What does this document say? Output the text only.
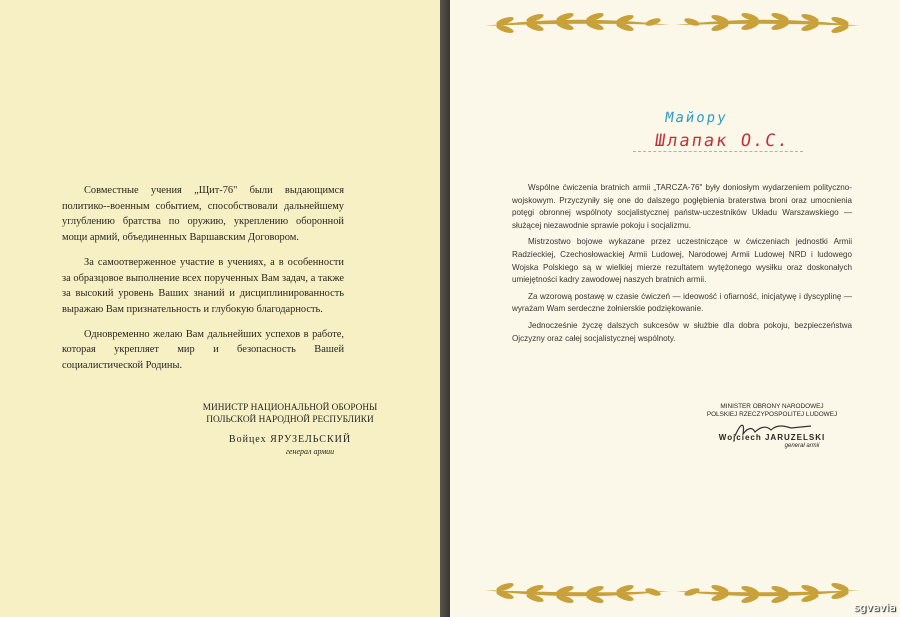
Совместные учения „Щит-76" были выдающимся политико--военным событием, способствовали дальнейшему углублению братства по оружию, укреплению оборонной мощи армий, объединенных Варшавским Договором.

За самоотверженное участие в учениях, а в особенности за образцовое выполнение всех порученных Вам задач, а также за высокий уровень Ваших знаний и дисциплинированность выражаю Вам признательность и глубокую благодарность.

Одновременно желаю Вам дальнейших успехов в работе, которая укрепляет мир и безопасность Вашей социалистической Родины.

МИНИСТР НАЦИОНАЛЬНОЙ ОБОРОНЫ
ПОЛЬСКОЙ НАРОДНОЙ РЕСПУБЛИКИ
Войцех ЯРУЗЕЛЬСКИЙ
генерал армии
Майору
Шлапак О.С.

Wspólne ćwiczenia bratnich armii „TARCZA-76" były doniosłym wydarzeniem polityczno-wojskowym. Przyczyniły się one do dalszego pogłębienia braterstwa broni oraz umocnienia potęgi obronnej wspólnoty socjalistycznej państw-uczestników Układu Warszawskiego — służącej niezawodnie sprawie pokoju i socjalizmu.

Mistrzostwo bojowe wykazane przez uczestniczące w ćwiczeniach jednostki Armii Radzieckiej, Czechosłowackiej Armii Ludowej, Narodowej Armii Ludowej NRD i ludowego Wojska Polskiego są w wielkiej mierze rezultatem wytężonego wysiłku oraz doskonałych umiejętności kadry zawodowej naszych bratnich armii.

Za wzorową postawę w czasie ćwiczeń — ideowość i ofiarność, inicjatywę i dyscyplinę — wyrażam Wam serdeczne żołnierskie podziękowanie.

Jednocześnie życzę dalszych sukcesów w służbie dla dobra pokoju, bezpieczeństwa Ojczyzny oraz całej socjalistycznej wspólnoty.

MINISTER OBRONY NARODOWEJ
POLSKIEJ RZECZYPOSPOLITEJ LUDOWEJ
Wojciech JARUZELSKI
generał armii
sgvavia
